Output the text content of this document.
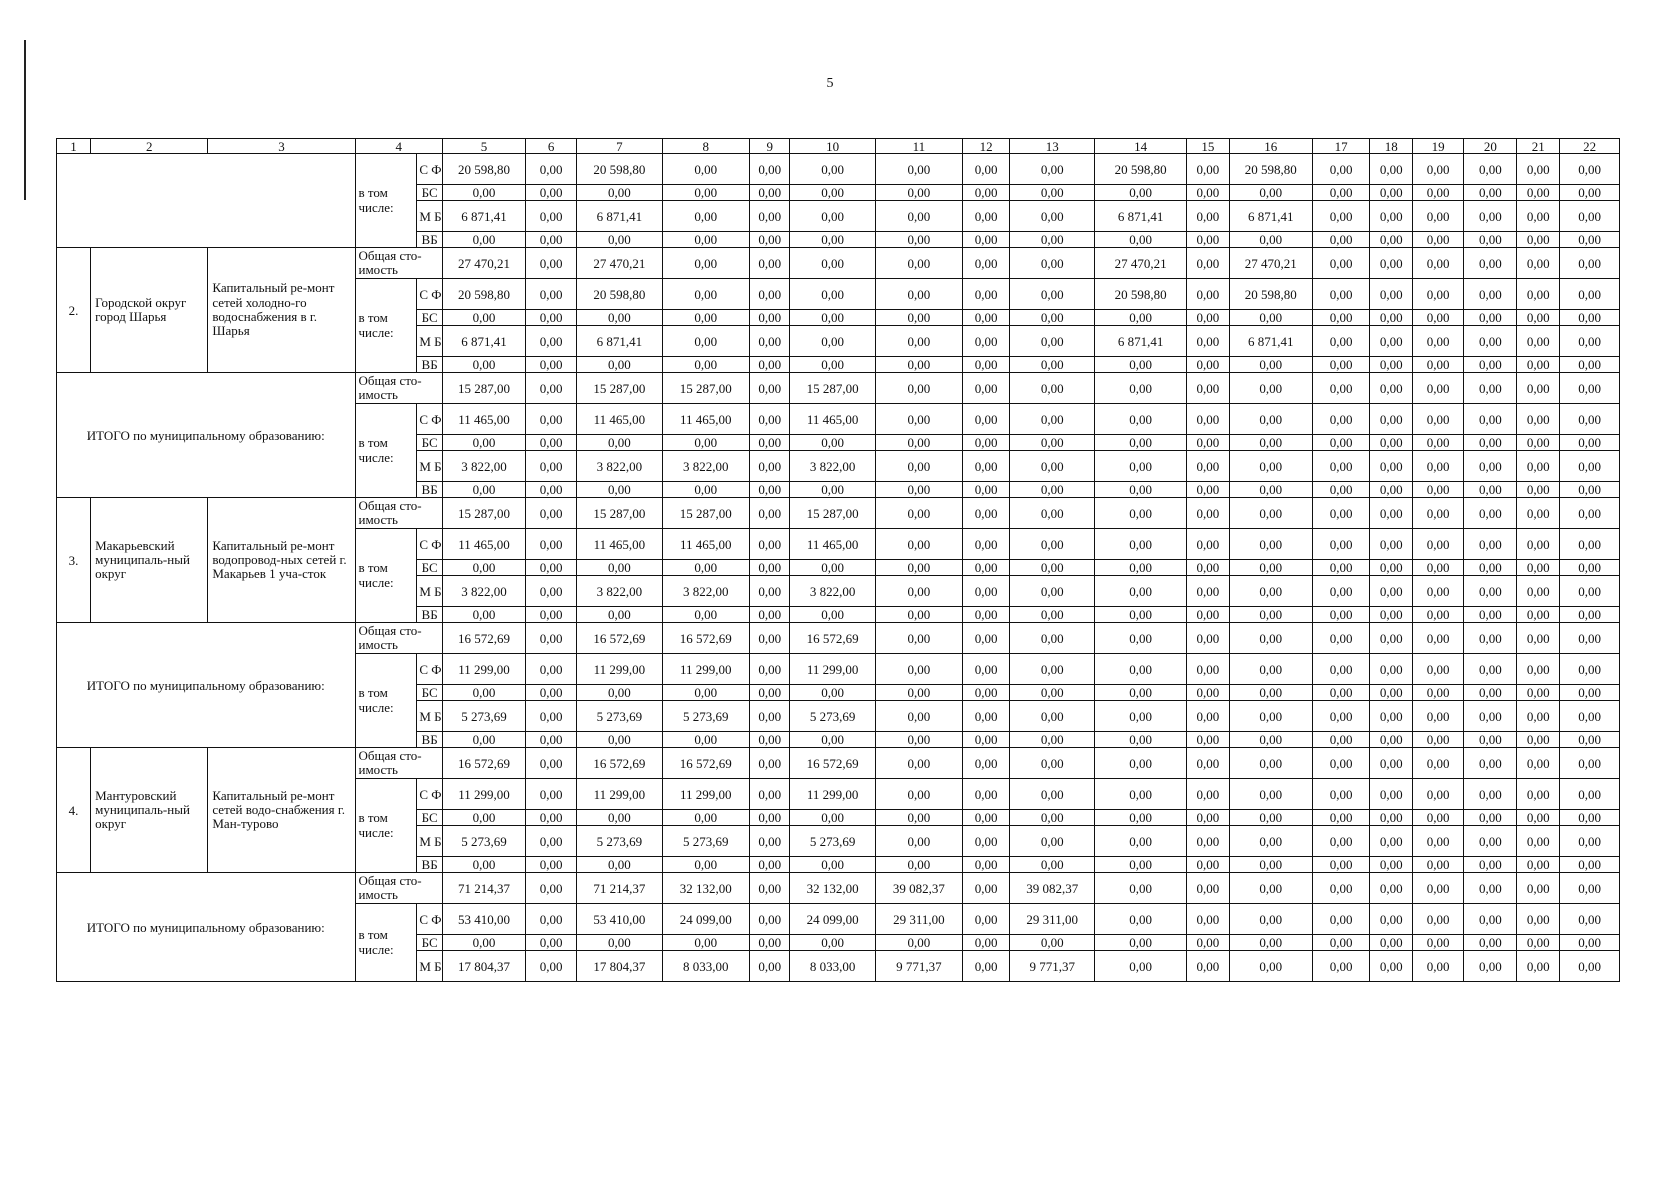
5
1	2	3	4		5	6	7	8	9	10	11	12	13	14	15	16	17	18	19	20	21	22
			в том числе:	С Ф	20 598,80	0,00	20 598,80	0,00	0,00	0,00	0,00	0,00	0,00	20 598,80	0,00	20 598,80	0,00	0,00	0,00	0,00	0,00	0,00
				БС	0,00	0,00	0,00	0,00	0,00	0,00	0,00	0,00	0,00	0,00	0,00	0,00	0,00	0,00	0,00	0,00	0,00	0,00
				М Б	6 871,41	0,00	6 871,41	0,00	0,00	0,00	0,00	0,00	0,00	6 871,41	0,00	6 871,41	0,00	0,00	0,00	0,00	0,00	0,00
				ВБ	0,00	0,00	0,00	0,00	0,00	0,00	0,00	0,00	0,00	0,00	0,00	0,00	0,00	0,00	0,00	0,00	0,00	0,00
2.	Городской округ город Шарья	Капитальный ре-монт сетей холодно-го водоснабжения в г. Шарья	Общая сто-имость		27 470,21	0,00	27 470,21	0,00	0,00	0,00	0,00	0,00	0,00	27 470,21	0,00	27 470,21	0,00	0,00	0,00	0,00	0,00	0,00
			в том числе:	С Ф	20 598,80	0,00	20 598,80	0,00	0,00	0,00	0,00	0,00	0,00	20 598,80	0,00	20 598,80	0,00	0,00	0,00	0,00	0,00	0,00
				БС	0,00	0,00	0,00	0,00	0,00	0,00	0,00	0,00	0,00	0,00	0,00	0,00	0,00	0,00	0,00	0,00	0,00	0,00
				М Б	6 871,41	0,00	6 871,41	0,00	0,00	0,00	0,00	0,00	0,00	6 871,41	0,00	6 871,41	0,00	0,00	0,00	0,00	0,00	0,00
				ВБ	0,00	0,00	0,00	0,00	0,00	0,00	0,00	0,00	0,00	0,00	0,00	0,00	0,00	0,00	0,00	0,00	0,00	0,00
ИТОГО по муниципальному образованию:			Общая сто-имость		15 287,00	0,00	15 287,00	15 287,00	0,00	15 287,00	0,00	0,00	0,00	0,00	0,00	0,00	0,00	0,00	0,00	0,00	0,00	0,00
			в том числе:	С Ф	11 465,00	0,00	11 465,00	11 465,00	0,00	11 465,00	0,00	0,00	0,00	0,00	0,00	0,00	0,00	0,00	0,00	0,00	0,00	0,00
				БС	0,00	0,00	0,00	0,00	0,00	0,00	0,00	0,00	0,00	0,00	0,00	0,00	0,00	0,00	0,00	0,00	0,00	0,00
				М Б	3 822,00	0,00	3 822,00	3 822,00	0,00	3 822,00	0,00	0,00	0,00	0,00	0,00	0,00	0,00	0,00	0,00	0,00	0,00	0,00
				ВБ	0,00	0,00	0,00	0,00	0,00	0,00	0,00	0,00	0,00	0,00	0,00	0,00	0,00	0,00	0,00	0,00	0,00	0,00
3.	Макарьевский муниципаль-ный округ	Капитальный ре-монт водопровод-ных сетей г. Макарьев 1 уча-сток	Общая сто-имость		15 287,00	0,00	15 287,00	15 287,00	0,00	15 287,00	0,00	0,00	0,00	0,00	0,00	0,00	0,00	0,00	0,00	0,00	0,00	0,00
			в том числе:	С Ф	11 465,00	0,00	11 465,00	11 465,00	0,00	11 465,00	0,00	0,00	0,00	0,00	0,00	0,00	0,00	0,00	0,00	0,00	0,00	0,00
				БС	0,00	0,00	0,00	0,00	0,00	0,00	0,00	0,00	0,00	0,00	0,00	0,00	0,00	0,00	0,00	0,00	0,00	0,00
				М Б	3 822,00	0,00	3 822,00	3 822,00	0,00	3 822,00	0,00	0,00	0,00	0,00	0,00	0,00	0,00	0,00	0,00	0,00	0,00	0,00
				ВБ	0,00	0,00	0,00	0,00	0,00	0,00	0,00	0,00	0,00	0,00	0,00	0,00	0,00	0,00	0,00	0,00	0,00	0,00
ИТОГО по муниципальному образованию:			Общая сто-имость		16 572,69	0,00	16 572,69	16 572,69	0,00	16 572,69	0,00	0,00	0,00	0,00	0,00	0,00	0,00	0,00	0,00	0,00	0,00	0,00
			в том числе:	С Ф	11 299,00	0,00	11 299,00	11 299,00	0,00	11 299,00	0,00	0,00	0,00	0,00	0,00	0,00	0,00	0,00	0,00	0,00	0,00	0,00
				БС	0,00	0,00	0,00	0,00	0,00	0,00	0,00	0,00	0,00	0,00	0,00	0,00	0,00	0,00	0,00	0,00	0,00	0,00
				М Б	5 273,69	0,00	5 273,69	5 273,69	0,00	5 273,69	0,00	0,00	0,00	0,00	0,00	0,00	0,00	0,00	0,00	0,00	0,00	0,00
				ВБ	0,00	0,00	0,00	0,00	0,00	0,00	0,00	0,00	0,00	0,00	0,00	0,00	0,00	0,00	0,00	0,00	0,00	0,00
4.	Мантуровский муниципаль-ный округ	Капитальный ре-монт сетей водо-снабжения г. Ман-турово	Общая сто-имость		16 572,69	0,00	16 572,69	16 572,69	0,00	16 572,69	0,00	0,00	0,00	0,00	0,00	0,00	0,00	0,00	0,00	0,00	0,00	0,00
			в том числе:	С Ф	11 299,00	0,00	11 299,00	11 299,00	0,00	11 299,00	0,00	0,00	0,00	0,00	0,00	0,00	0,00	0,00	0,00	0,00	0,00	0,00
				БС	0,00	0,00	0,00	0,00	0,00	0,00	0,00	0,00	0,00	0,00	0,00	0,00	0,00	0,00	0,00	0,00	0,00	0,00
				М Б	5 273,69	0,00	5 273,69	5 273,69	0,00	5 273,69	0,00	0,00	0,00	0,00	0,00	0,00	0,00	0,00	0,00	0,00	0,00	0,00
				ВБ	0,00	0,00	0,00	0,00	0,00	0,00	0,00	0,00	0,00	0,00	0,00	0,00	0,00	0,00	0,00	0,00	0,00	0,00
ИТОГО по муниципальному образованию:			Общая сто-имость		71 214,37	0,00	71 214,37	32 132,00	0,00	32 132,00	39 082,37	0,00	39 082,37	0,00	0,00	0,00	0,00	0,00	0,00	0,00	0,00	0,00
			в том числе:	С Ф	53 410,00	0,00	53 410,00	24 099,00	0,00	24 099,00	29 311,00	0,00	29 311,00	0,00	0,00	0,00	0,00	0,00	0,00	0,00	0,00	0,00
				БС	0,00	0,00	0,00	0,00	0,00	0,00	0,00	0,00	0,00	0,00	0,00	0,00	0,00	0,00	0,00	0,00	0,00	0,00
				М Б	17 804,37	0,00	17 804,37	8 033,00	0,00	8 033,00	9 771,37	0,00	9 771,37	0,00	0,00	0,00	0,00	0,00	0,00	0,00	0,00	0,00
